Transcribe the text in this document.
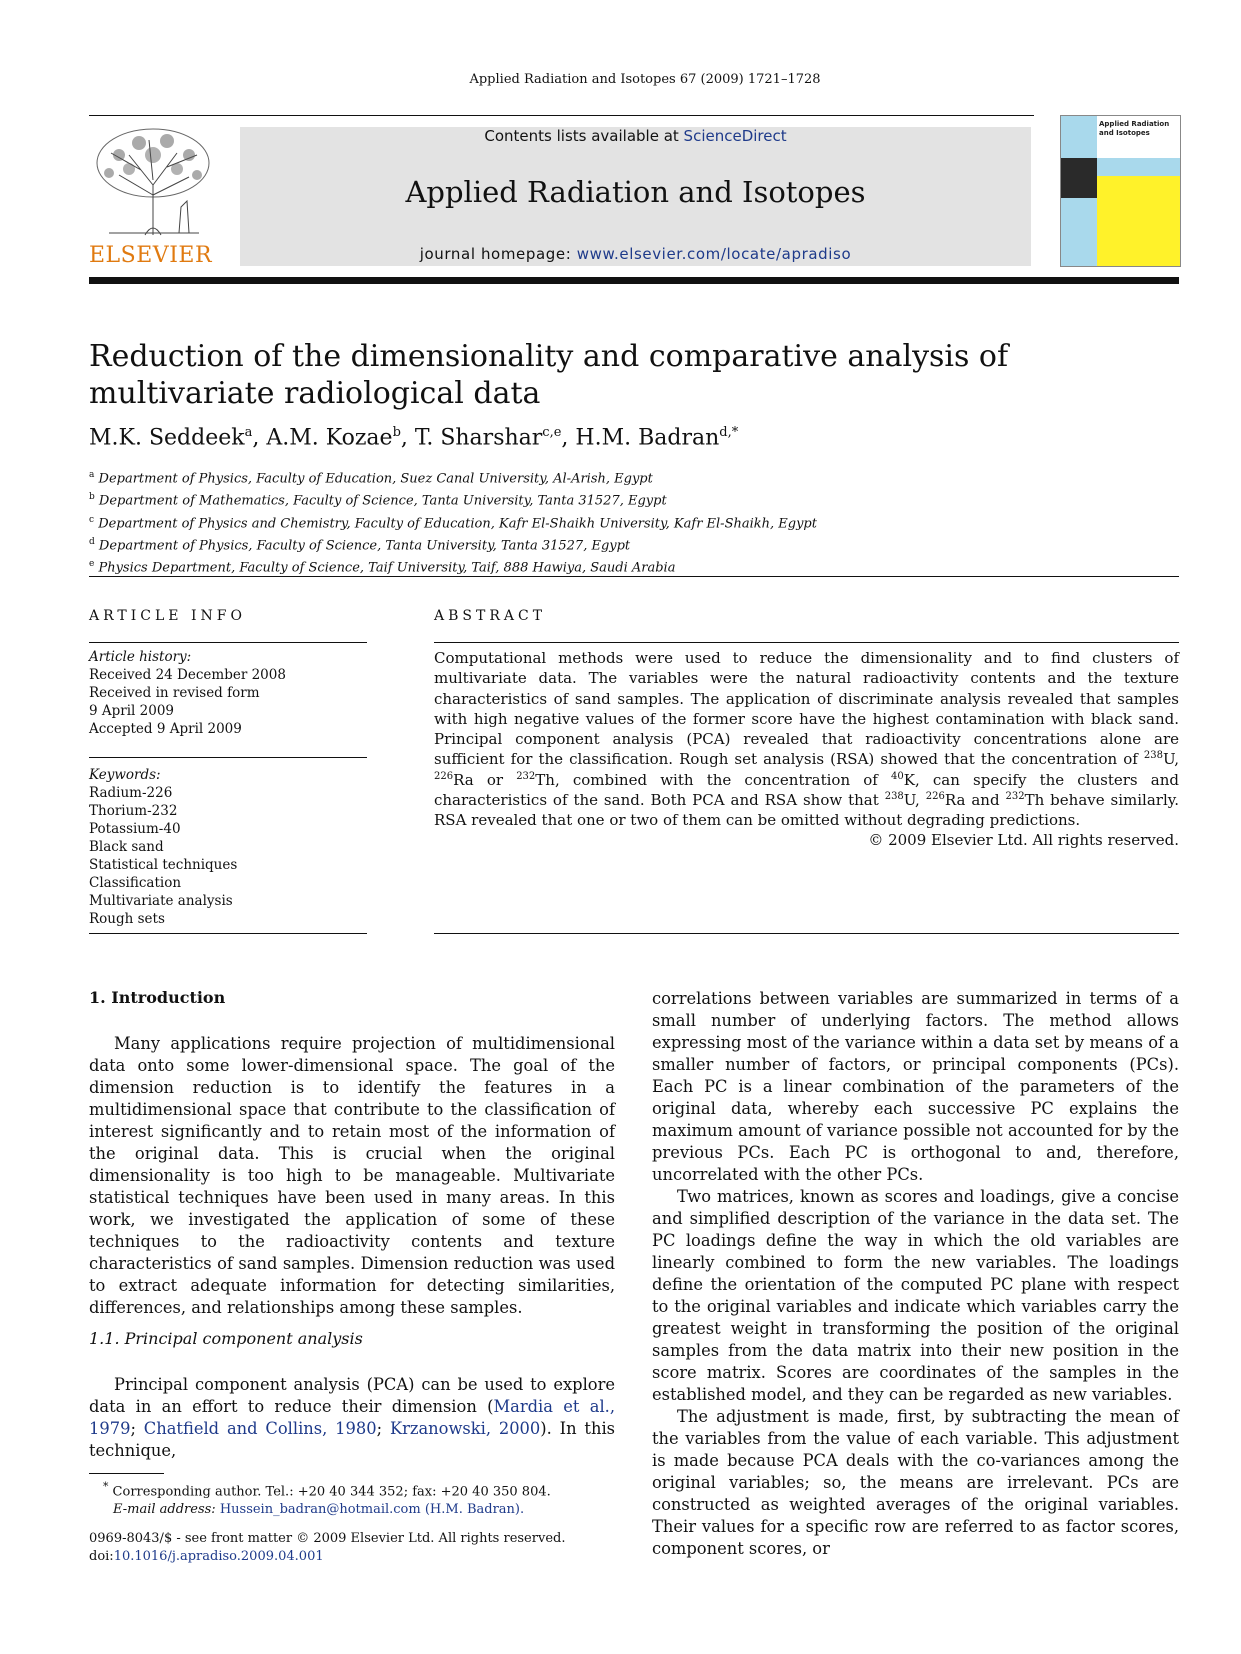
Applied Radiation and Isotopes 67 (2009) 1721–1728
ELSEVIER
Contents lists available at ScienceDirect
Applied Radiation and Isotopes
journal homepage: www.elsevier.com/locate/apradiso
Applied Radiation and Isotopes
Reduction of the dimensionality and comparative analysis of multivariate radiological data
M.K. Seddeek$^a$, A.M. Kozae$^b$, T. Sharshar$^{c,e}$, H.M. Badran$^{d,*}$
$^a$ Department of Physics, Faculty of Education, Suez Canal University, Al-Arish, Egypt
$^b$ Department of Mathematics, Faculty of Science, Tanta University, Tanta 31527, Egypt
$^c$ Department of Physics and Chemistry, Faculty of Education, Kafr El-Shaikh University, Kafr El-Shaikh, Egypt
$^d$ Department of Physics, Faculty of Science, Tanta University, Tanta 31527, Egypt
$^e$ Physics Department, Faculty of Science, Taif University, Taif, 888 Hawiya, Saudi Arabia
ARTICLE INFO	ABSTRACT
Article history:
Received 24 December 2008
Received in revised form
9 April 2009
Accepted 9 April 2009
Keywords:
Radium-226
Thorium-232
Potassium-40
Black sand
Statistical techniques
Classification
Multivariate analysis
Rough sets
Computational methods were used to reduce the dimensionality and to find clusters of multivariate data. The variables were the natural radioactivity contents and the texture characteristics of sand samples. The application of discriminate analysis revealed that samples with high negative values of the former score have the highest contamination with black sand. Principal component analysis (PCA) revealed that radioactivity concentrations alone are sufficient for the classification. Rough set analysis (RSA) showed that the concentration of $^{238}$U, $^{226}$Ra or $^{232}$Th, combined with the concentration of $^{40}$K, can specify the clusters and characteristics of the sand. Both PCA and RSA show that $^{238}$U, $^{226}$Ra and $^{232}$Th behave similarly. RSA revealed that one or two of them can be omitted without degrading predictions.
© 2009 Elsevier Ltd. All rights reserved.
1. Introduction
Many applications require projection of multidimensional data onto some lower-dimensional space. The goal of the dimension reduction is to identify the features in a multidimensional space that contribute to the classification of interest significantly and to retain most of the information of the original data. This is crucial when the original dimensionality is too high to be manageable. Multivariate statistical techniques have been used in many areas. In this work, we investigated the application of some of these techniques to the radioactivity contents and texture characteristics of sand samples. Dimension reduction was used to extract adequate information for detecting similarities, differences, and relationships among these samples.
1.1. Principal component analysis
Principal component analysis (PCA) can be used to explore data in an effort to reduce their dimension (Mardia et al., 1979; Chatfield and Collins, 1980; Krzanowski, 2000). In this technique,

correlations between variables are summarized in terms of a small number of underlying factors. The method allows expressing most of the variance within a data set by means of a smaller number of factors, or principal components (PCs). Each PC is a linear combination of the parameters of the original data, whereby each successive PC explains the maximum amount of variance possible not accounted for by the previous PCs. Each PC is orthogonal to and, therefore, uncorrelated with the other PCs.

Two matrices, known as scores and loadings, give a concise and simplified description of the variance in the data set. The PC loadings define the way in which the old variables are linearly combined to form the new variables. The loadings define the orientation of the computed PC plane with respect to the original variables and indicate which variables carry the greatest weight in transforming the position of the original samples from the data matrix into their new position in the score matrix. Scores are coordinates of the samples in the established model, and they can be regarded as new variables.

The adjustment is made, first, by subtracting the mean of the variables from the value of each variable. This adjustment is made because PCA deals with the co-variances among the original variables; so, the means are irrelevant. PCs are constructed as weighted averages of the original variables. Their values for a specific row are referred to as factor scores, component scores, or

* Corresponding author. Tel.: +20 40 344 352; fax: +20 40 350 804.
E-mail address: Hussein_badran@hotmail.com (H.M. Badran).
0969-8043/$ - see front matter © 2009 Elsevier Ltd. All rights reserved.
doi:10.1016/j.apradiso.2009.04.001
